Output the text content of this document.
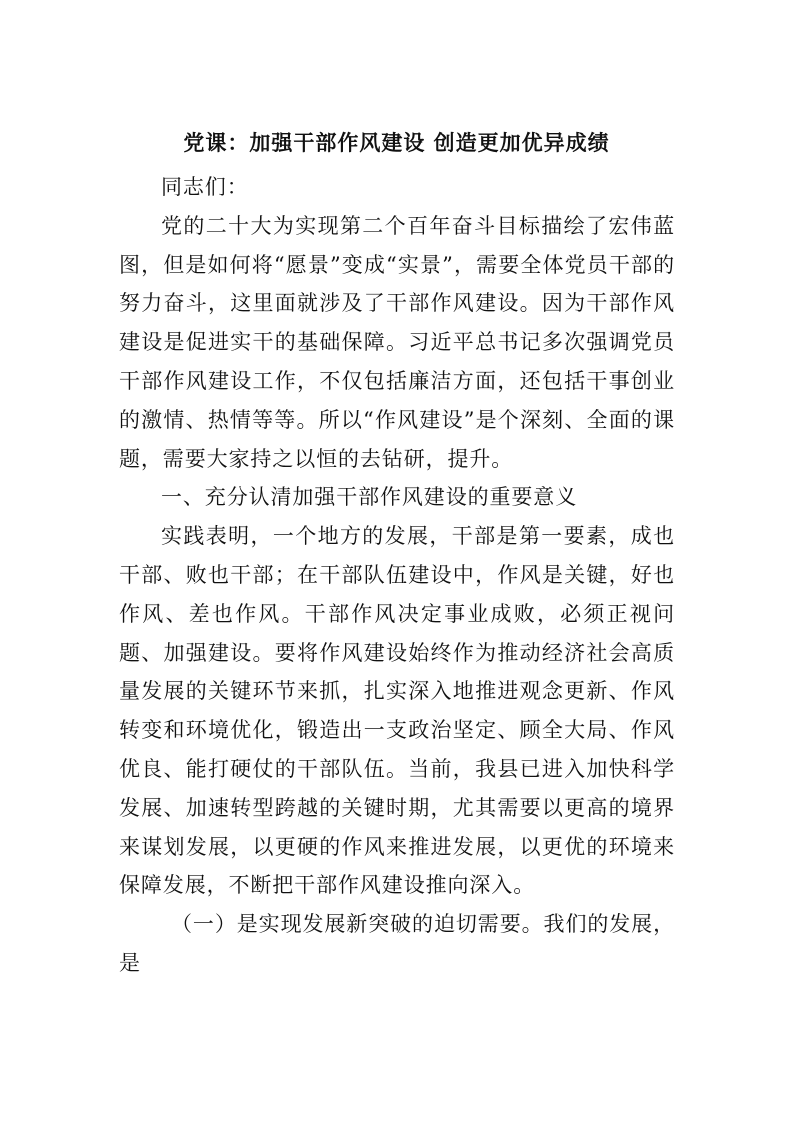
党课：加强干部作风建设 创造更加优异成绩

同志们：

党的二十大为实现第二个百年奋斗目标描绘了宏伟蓝图，但是如何将“愿景”变成“实景”，需要全体党员干部的努力奋斗，这里面就涉及了干部作风建设。因为干部作风建设是促进实干的基础保障。习近平总书记多次强调党员干部作风建设工作，不仅包括廉洁方面，还包括干事创业的激情、热情等等。所以“作风建设”是个深刻、全面的课题，需要大家持之以恒的去钻研，提升。

一、充分认清加强干部作风建设的重要意义

实践表明，一个地方的发展，干部是第一要素，成也干部、败也干部；在干部队伍建设中，作风是关键，好也作风、差也作风。干部作风决定事业成败，必须正视问题、加强建设。要将作风建设始终作为推动经济社会高质量发展的关键环节来抓，扎实深入地推进观念更新、作风转变和环境优化，锻造出一支政治坚定、顾全大局、作风优良、能打硬仗的干部队伍。当前，我县已进入加快科学发展、加速转型跨越的关键时期，尤其需要以更高的境界来谋划发展，以更硬的作风来推进发展，以更优的环境来保障发展，不断把干部作风建设推向深入。

（一）是实现发展新突破的迫切需要。我们的发展，是
